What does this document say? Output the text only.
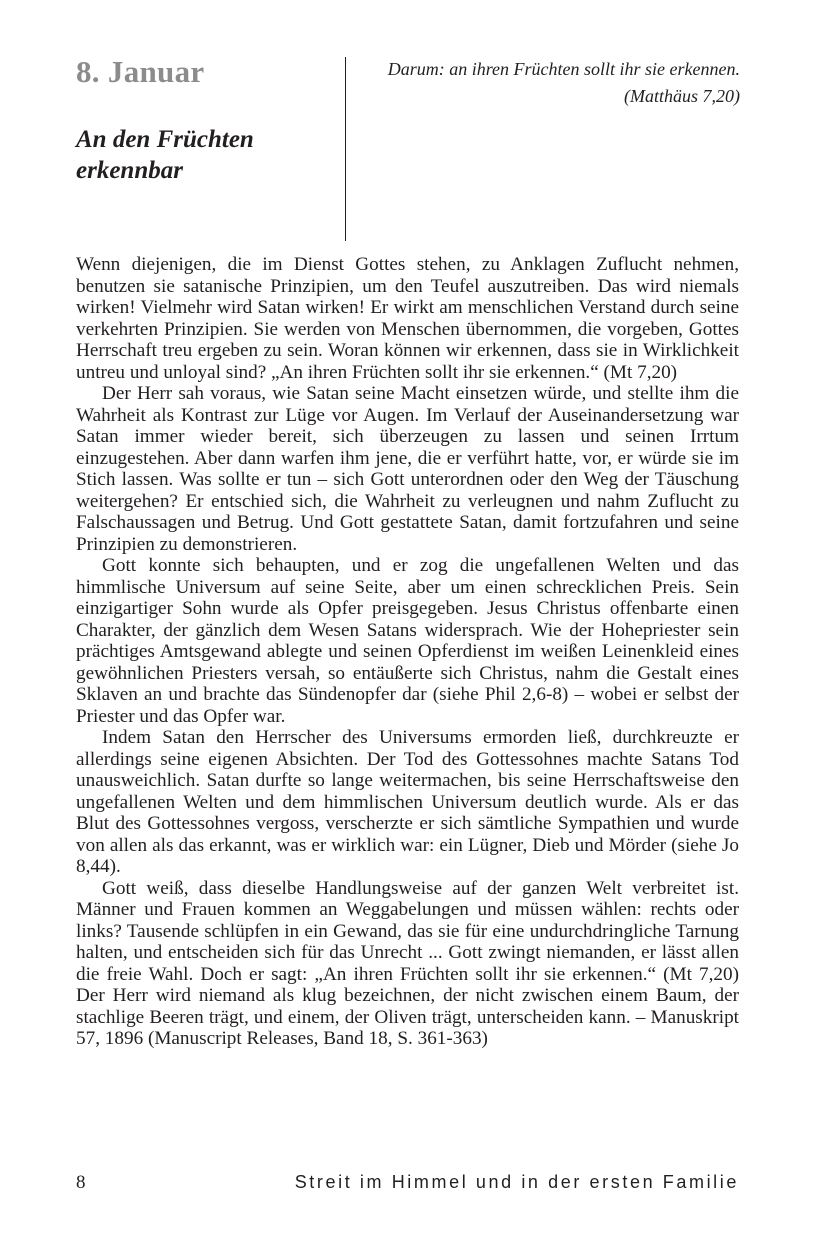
8. Januar
An den Früchten erkennbar

Darum: an ihren Früchten sollt ihr sie erkennen.

(Matthäus 7,20)

Wenn diejenigen, die im Dienst Gottes stehen, zu Anklagen Zuflucht nehmen, benutzen sie satanische Prinzipien, um den Teufel auszutreiben. Das wird niemals wirken! Vielmehr wird Satan wirken! Er wirkt am menschlichen Verstand durch seine verkehrten Prinzipien. Sie werden von Menschen übernommen, die vorgeben, Gottes Herrschaft treu ergeben zu sein. Woran können wir erkennen, dass sie in Wirklichkeit untreu und unloyal sind? „An ihren Früchten sollt ihr sie erkennen.“ (Mt 7,20)

Der Herr sah voraus, wie Satan seine Macht einsetzen würde, und stellte ihm die Wahrheit als Kontrast zur Lüge vor Augen. Im Verlauf der Auseinandersetzung war Satan immer wieder bereit, sich überzeugen zu lassen und seinen Irrtum einzugestehen. Aber dann warfen ihm jene, die er verführt hatte, vor, er würde sie im Stich lassen. Was sollte er tun – sich Gott unterordnen oder den Weg der Täuschung weitergehen? Er entschied sich, die Wahrheit zu verleugnen und nahm Zuflucht zu Falschaussagen und Betrug. Und Gott gestattete Satan, damit fortzufahren und seine Prinzipien zu demonstrieren.

Gott konnte sich behaupten, und er zog die ungefallenen Welten und das himmlische Universum auf seine Seite, aber um einen schrecklichen Preis. Sein einzigartiger Sohn wurde als Opfer preisgegeben. Jesus Christus offenbarte einen Charakter, der gänzlich dem Wesen Satans widersprach. Wie der Hohepriester sein prächtiges Amtsgewand ablegte und seinen Opferdienst im weißen Leinenkleid eines gewöhnlichen Priesters versah, so entäußerte sich Christus, nahm die Gestalt eines Sklaven an und brachte das Sündenopfer dar (siehe Phil 2,6-8) – wobei er selbst der Priester und das Opfer war.

Indem Satan den Herrscher des Universums ermorden ließ, durchkreuzte er allerdings seine eigenen Absichten. Der Tod des Gottessohnes machte Satans Tod unausweichlich. Satan durfte so lange weitermachen, bis seine Herrschaftsweise den ungefallenen Welten und dem himmlischen Universum deutlich wurde. Als er das Blut des Gottessohnes vergoss, verscherzte er sich sämtliche Sympathien und wurde von allen als das erkannt, was er wirklich war: ein Lügner, Dieb und Mörder (siehe Jo 8,44).

Gott weiß, dass dieselbe Handlungsweise auf der ganzen Welt verbreitet ist. Männer und Frauen kommen an Weggabelungen und müssen wählen: rechts oder links? Tausende schlüpfen in ein Gewand, das sie für eine undurchdringliche Tarnung halten, und entscheiden sich für das Unrecht ... Gott zwingt niemanden, er lässt allen die freie Wahl. Doch er sagt: „An ihren Früchten sollt ihr sie erkennen.“ (Mt 7,20) Der Herr wird niemand als klug bezeichnen, der nicht zwischen einem Baum, der stachlige Beeren trägt, und einem, der Oliven trägt, unterscheiden kann. – Manuskript 57, 1896 (Manuscript Releases, Band 18, S. 361-363)

8	Streit im Himmel und in der ersten Familie
